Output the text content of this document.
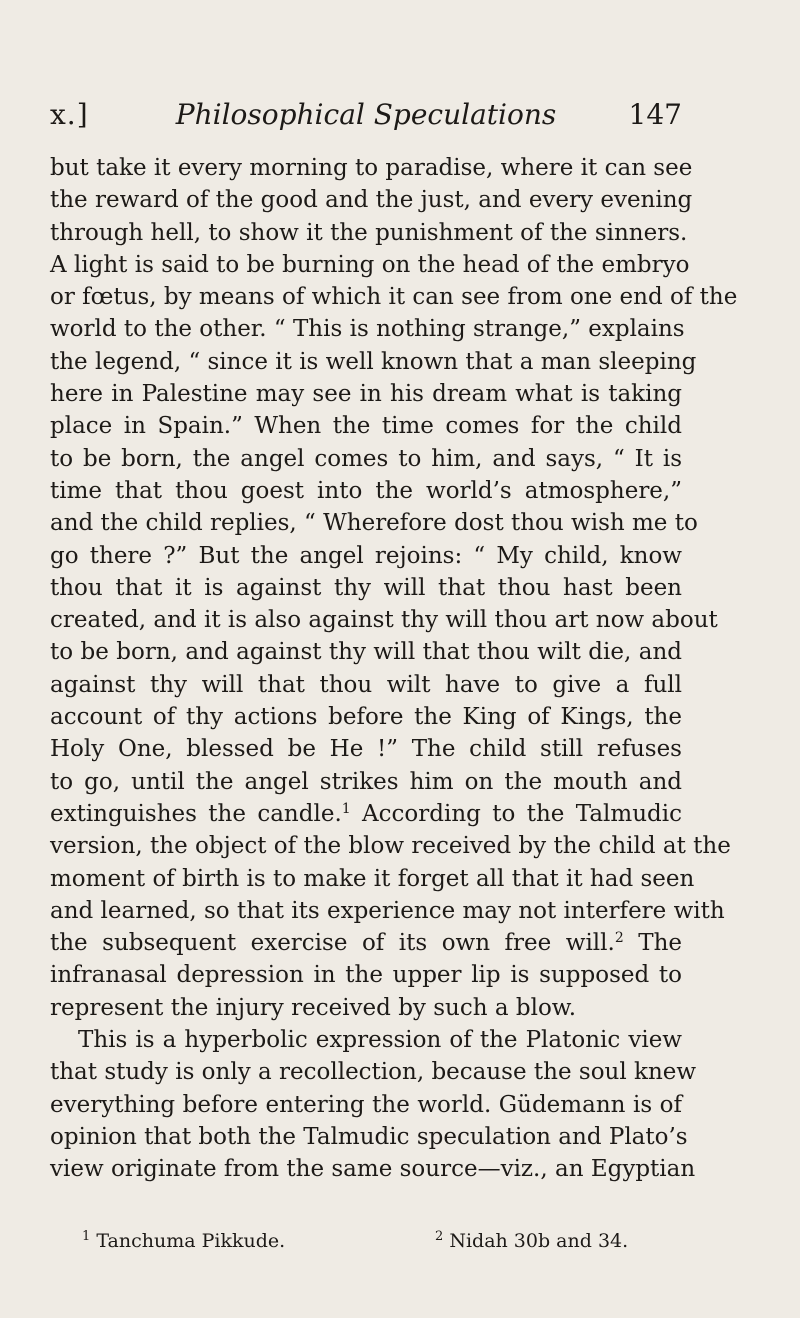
x.]	Philosophical Speculations	147
but take it every morning to paradise, where it can see
the reward of the good and the just, and every evening
through hell, to show it the punishment of the sinners.
A light is said to be burning on the head of the embryo
or fœtus, by means of which it can see from one end of the
world to the other. “ This is nothing strange,” explains
the legend, “ since it is well known that a man sleeping
here in Palestine may see in his dream what is taking
place in Spain.” When the time comes for the child
to be born, the angel comes to him, and says, “ It is
time that thou goest into the world’s atmosphere,”
and the child replies, “ Wherefore dost thou wish me to
go there ?” But the angel rejoins: “ My child, know
thou that it is against thy will that thou hast been
created, and it is also against thy will thou art now about
to be born, and against thy will that thou wilt die, and
against thy will that thou wilt have to give a full
account of thy actions before the King of Kings, the
Holy One, blessed be He !” The child still refuses
to go, until the angel strikes him on the mouth and
extinguishes the candle.$^1$ According to the Talmudic
version, the object of the blow received by the child at the
moment of birth is to make it forget all that it had seen
and learned, so that its experience may not interfere with
the subsequent exercise of its own free will.$^2$ The
infranasal depression in the upper lip is supposed to
represent the injury received by such a blow.
This is a hyperbolic expression of the Platonic view
that study is only a recollection, because the soul knew
everything before entering the world. Güdemann is of
opinion that both the Talmudic speculation and Plato’s
view originate from the same source—viz., an Egyptian
$^1$ Tanchuma Pikkude.	$^2$ Nidah 30b and 34.
